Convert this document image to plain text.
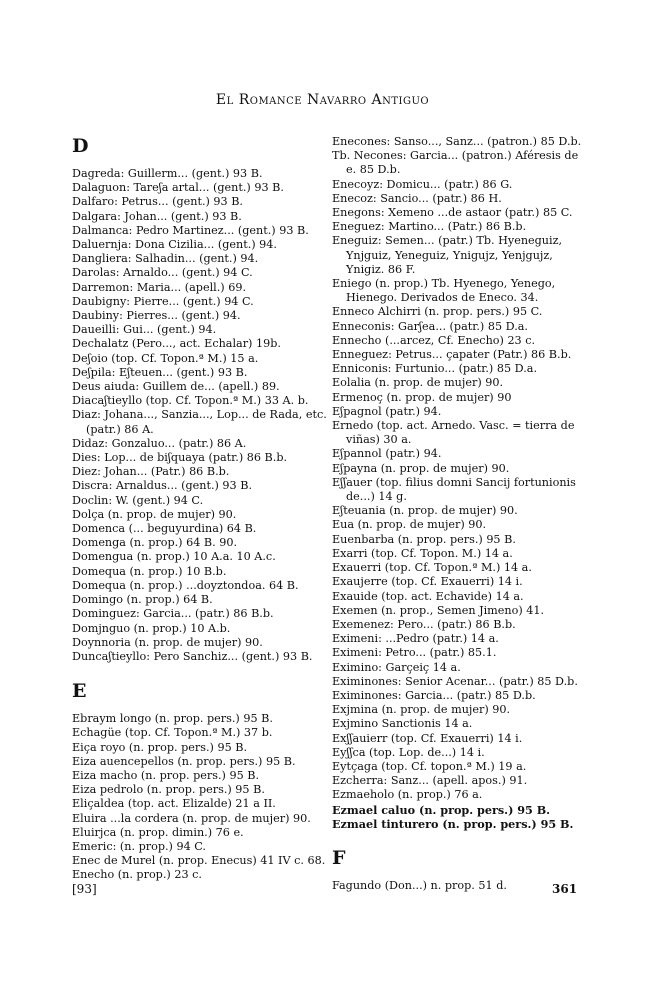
El Romance Navarro Antiguo
D
Dagreda: Guillerm... (gent.) 93 B.
Dalaguon: Tareʃa artal... (gent.) 93 B.
Dalfaro: Petrus... (gent.) 93 B.
Dalgara: Johan... (gent.) 93 B.
Dalmanca: Pedro Martinez... (gent.) 93 B.
Daluernja: Dona Cizilia... (gent.) 94.
Dangliera: Salhadin... (gent.) 94.
Darolas: Arnaldo... (gent.) 94 C.
Darremon: Maria... (apell.) 69.
Daubigny: Pierre... (gent.) 94 C.
Daubiny: Pierres... (gent.) 94.
Daueilli: Gui... (gent.) 94.
Dechalatz (Pero..., act. Echalar) 19b.
Deʃoio (top. Cf. Topon.ª M.) 15 a.
Deʃpila: Eʃteuen... (gent.) 93 B.
Deus aiuda: Guillem de... (apell.) 89.
Diacaʃtieyllo (top. Cf. Topon.ª M.) 33 A. b.
Diaz: Johana..., Sanzia..., Lop... de Rada, etc. (patr.) 86 A.
Didaz: Gonzaluo... (patr.) 86 A.
Dies: Lop... de biʃquaya (patr.) 86 B.b.
Diez: Johan... (Patr.) 86 B.b.
Discra: Arnaldus... (gent.) 93 B.
Doclin: W. (gent.) 94 C.
Dolça (n. prop. de mujer) 90.
Domenca (... beguyurdina) 64 B.
Domenga (n. prop.) 64 B. 90.
Domengua (n. prop.) 10 A.a. 10 A.c.
Domequa (n. prop.) 10 B.b.
Domequa (n. prop.) ...doyztondoa. 64 B.
Domingo (n. prop.) 64 B.
Dominguez: Garcia... (patr.) 86 B.b.
Domjnguo (n. prop.) 10 A.b.
Doynnoria (n. prop. de mujer) 90.
Duncaʃtieyllo: Pero Sanchiz... (gent.) 93 B.
E
Ebraym longo (n. prop. pers.) 95 B.
Echagüe (top. Cf. Topon.ª M.) 37 b.
Eiça royo (n. prop. pers.) 95 B.
Eiza auencepellos (n. prop. pers.) 95 B.
Eiza macho (n. prop. pers.) 95 B.
Eiza pedrolo (n. prop. pers.) 95 B.
Eliçaldea (top. act. Elizalde) 21 a II.
Eluira ...la cordera (n. prop. de mujer) 90.
Eluirjca (n. prop. dimin.) 76 e.
Emeric: (n. prop.) 94 C.
Enec de Murel (n. prop. Enecus) 41 IV c. 68.
Enecho (n. prop.) 23 c.
Enecones: Sanso..., Sanz... (patron.) 85 D.b.
Tb. Necones: Garcia... (patron.) Aféresis de e. 85 D.b.
Enecoyz: Domicu... (patr.) 86 G.
Enecoz: Sancio... (patr.) 86 H.
Enegons: Xemeno ...de astaor (patr.) 85 C.
Eneguez: Martino... (Patr.) 86 B.b.
Eneguiz: Semen... (patr.) Tb. Hyeneguiz, Ynjguiz, Yeneguiz, Ynigujz, Yenjgujz, Ynigiz. 86 F.
Eniego (n. prop.) Tb. Hyenego, Yenego, Hienego. Derivados de Eneco. 34.
Enneco Alchirri (n. prop. pers.) 95 C.
Enneconis: Garʃea... (patr.) 85 D.a.
Ennecho (...arcez, Cf. Enecho) 23 c.
Enneguez: Petrus... çapater (Patr.) 86 B.b.
Enniconis: Furtunio... (patr.) 85 D.a.
Eolalia (n. prop. de mujer) 90.
Ermenoç (n. prop. de mujer) 90
Eʃpagnol (patr.) 94.
Ernedo (top. act. Arnedo. Vasc. = tierra de viñas) 30 a.
Eʃpannol (patr.) 94.
Eʃpayna (n. prop. de mujer) 90.
Eʃʃauer (top. filius domni Sancij fortunionis de...) 14 g.
Eʃteuania (n. prop. de mujer) 90.
Eua (n. prop. de mujer) 90.
Euenbarba (n. prop. pers.) 95 B.
Exarri (top. Cf. Topon. M.) 14 a.
Exauerri (top. Cf. Topon.ª M.) 14 a.
Exaujerre (top. Cf. Exauerri) 14 i.
Exauide (top. act. Echavide) 14 a.
Exemen (n. prop., Semen Jimeno) 41.
Exemenez: Pero... (patr.) 86 B.b.
Eximeni: ...Pedro (patr.) 14 a.
Eximeni: Petro... (patr.) 85.1.
Eximino: Garçeiç 14 a.
Eximinones: Senior Acenar... (patr.) 85 D.b.
Eximinones: Garcia... (patr.) 85 D.b.
Exjmina (n. prop. de mujer) 90.
Exjmino Sanctionis 14 a.
Exʃʃauierr (top. Cf. Exauerri) 14 i.
Eyʃʃca (top. Lop. de...) 14 i.
Eytçaga (top. Cf. topon.ª M.) 19 a.
Ezcherra: Sanz... (apell. apos.) 91.
Ezmaeholo (n. prop.) 76 a.
Ezmael caluo (n. prop. pers.) 95 B.
Ezmael tinturero (n. prop. pers.) 95 B.
F
Fagundo (Don...) n. prop. 51 d.
[93]	361
